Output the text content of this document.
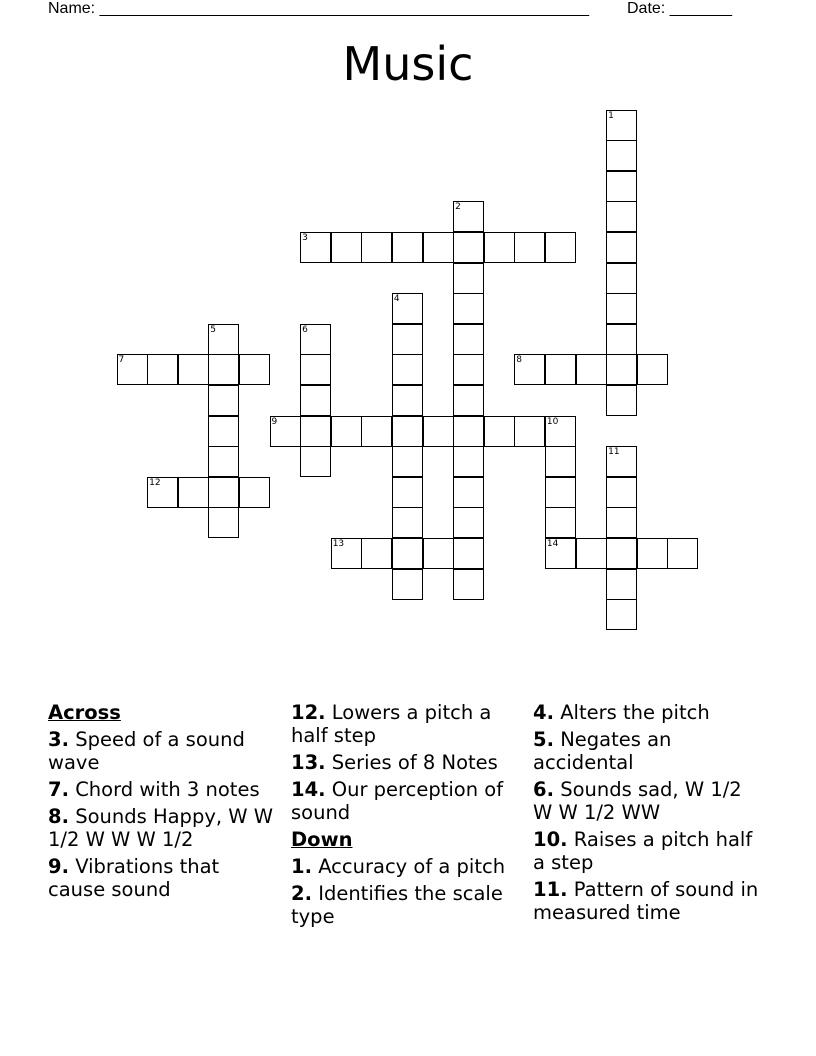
Name: _______________________________________________________ Date: _______
Music
1
2
3
4
5	6
7	8
9	10
14
11
12
13
Across
3. Speed of a sound wave
7. Chord with 3 notes
8. Sounds Happy, W W 1/2 W W W 1/2
9. Vibrations that cause sound
12. Lowers a pitch a half step
13. Series of 8 Notes
14. Our perception of sound
Down
1. Accuracy of a pitch
2. Identifies the scale type
4. Alters the pitch
5. Negates an accidental
6. Sounds sad, W 1/2 W W 1/2 WW
10. Raises a pitch half a step
11. Pattern of sound in measured time
